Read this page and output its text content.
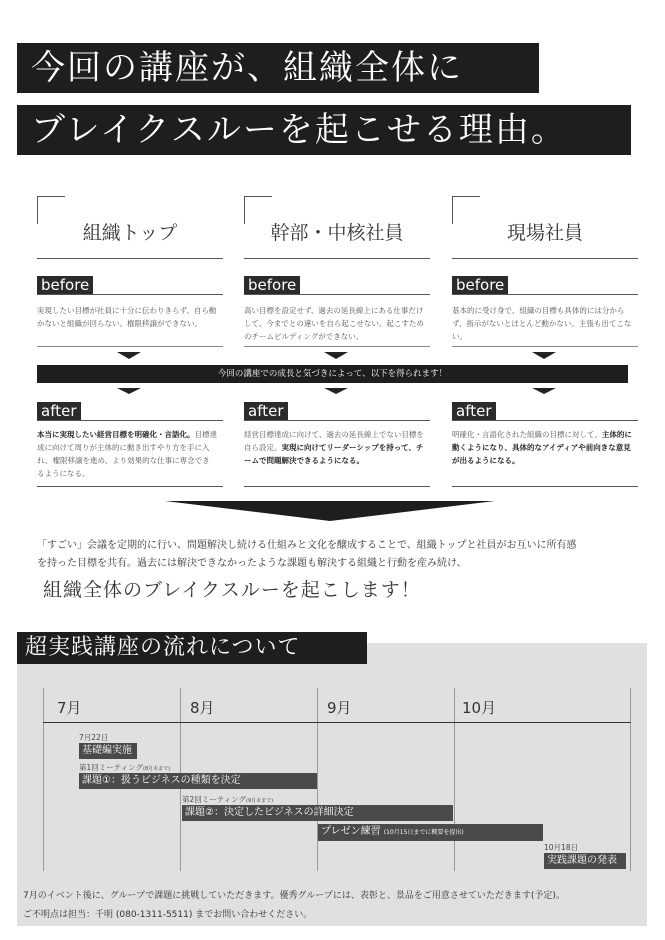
今回の講座が、組織全体に
ブレイクスルーを起こせる理由。
組織トップ
before
実現したい目標が社員に十分に伝わりきらず、自ら動かないと組織が回らない。権限移譲ができない。
after
本当に実現したい経営目標を明確化・言語化。目標達成に向けて周りが主体的に動き出すやり方を手に入れ、権限移譲を進め、より効果的な仕事に専念できるようになる。
幹部・中核社員
before
高い目標を設定せず、過去の延長線上にある仕事だけして、今までとの違いを自ら起こせない。起こすためのチームビルディングができない。
after
経営目標達成に向けて、過去の延長線上でない目標を自ら設定。実現に向けてリーダーシップを持って、チームで問題解決できるようになる。
現場社員
before
基本的に受け身で、組織の目標も具体的には分からず、指示がないとほとんど動かない。主張も出てこない。
after
明確化・言語化された組織の目標に対して、主体的に動くようになり、具体的なアイディアや前向きな意見が出るようになる。
今回の講座での成長と気づきによって、以下を得られます！
「すごい」会議を定期的に行い、問題解決し続ける仕組みと文化を醸成することで、組織トップと社員がお互いに所有感
を持った目標を共有。過去には解決できなかったような課題も解決する組織と行動を産み続け、
組織全体のブレイクスルーを起こします！
超実践講座の流れについて
7月	8月	9月	10月
7月22日
基礎編実施
第1回ミーティング(8月末まで)
課題①：扱うビジネスの種類を決定
第2回ミーティング(9月末まで)
課題②：決定したビジネスの詳細決定
プレゼン練習 (10月15日までに概要を提出)
10月18日
実践課題の発表
7月のイベント後に、グループで課題に挑戦していただきます。優秀グループには、表彰と、景品をご用意させていただきます(予定)。
ご不明点は担当：千明 (080-1311-5511) までお問い合わせください。
